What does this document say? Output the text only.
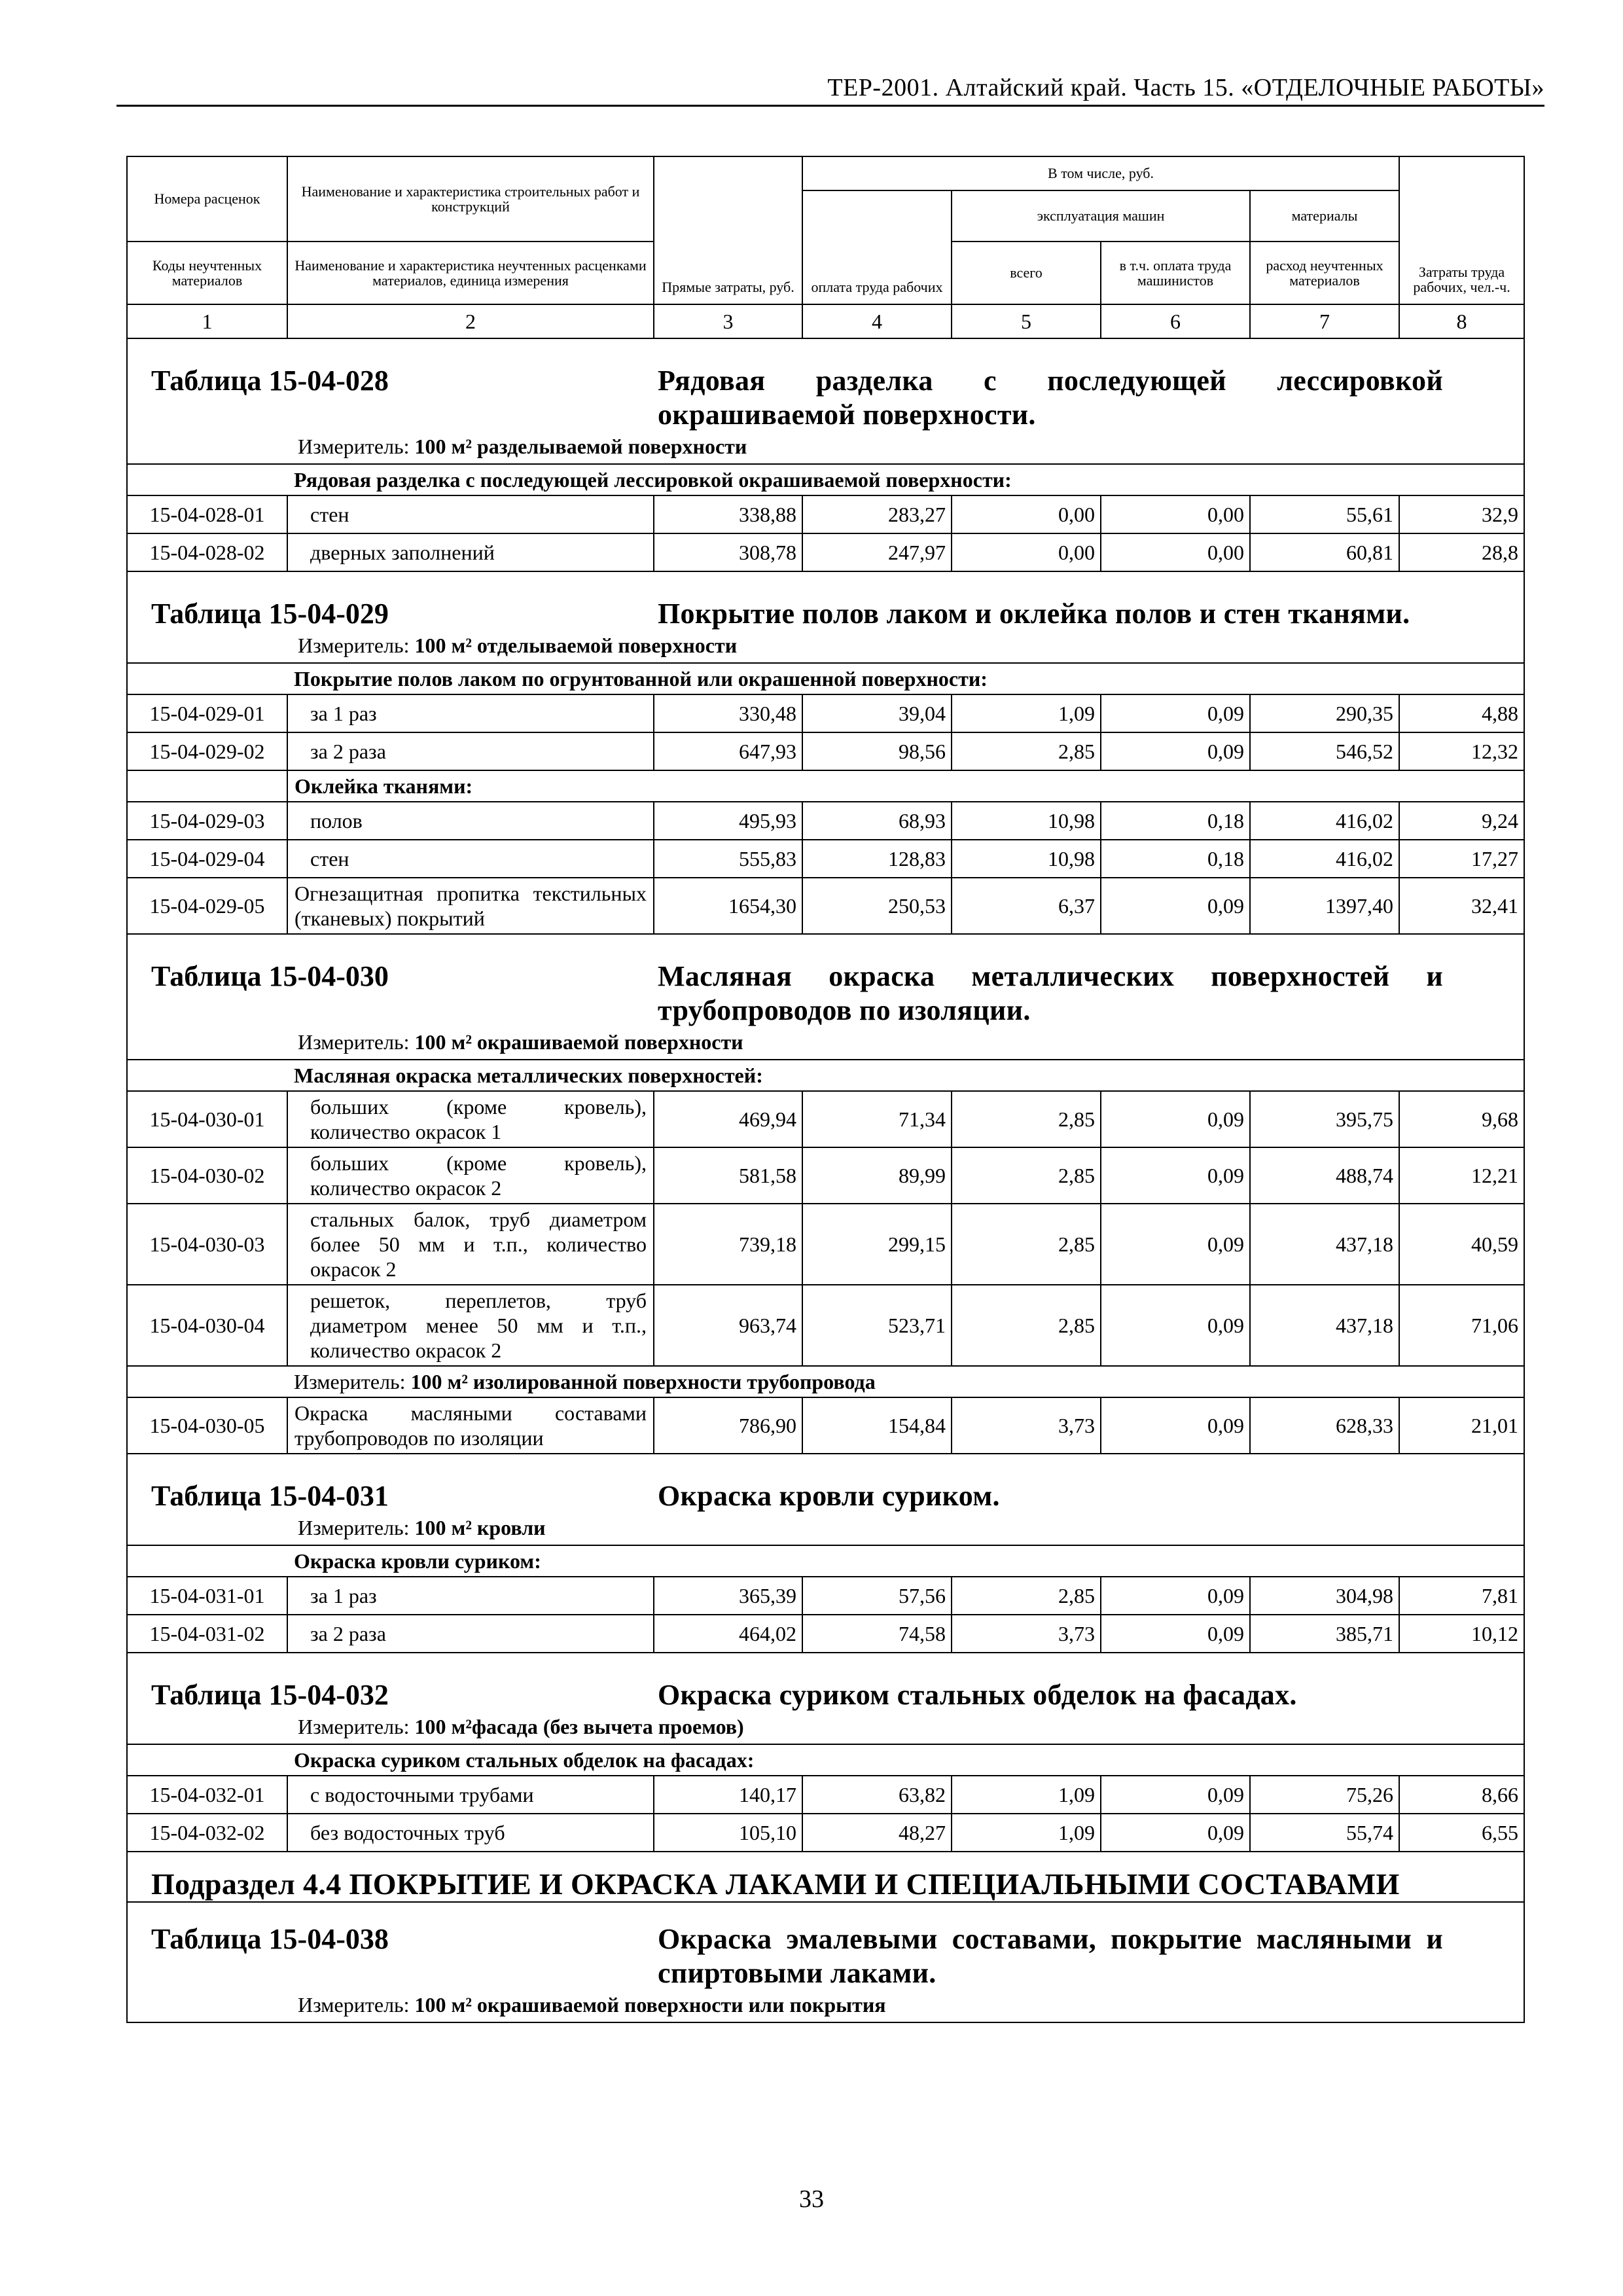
ТЕР-2001. Алтайский край. Часть 15. «ОТДЕЛОЧНЫЕ РАБОТЫ»
Номера расценок	Наименование и характеристика строительных работ и конструкций	Прямые затраты, руб.	В том числе, руб.				Затраты труда рабочих, чел.-ч.
			оплата труда рабочих	эксплуатация машин		материалы	
Коды неучтенных материалов	Наименование и характеристика неучтенных расценками материалов, единица измерения			всего	в т.ч. оплата труда машинистов	расход неучтенных материалов	
1	2	3	4	5	6	7	8

Таблица 15-04-028 Рядовая разделка с последующей лессировкой окрашиваемой поверхности.
Измеритель: 100 м² разделываемой поверхности							

	Рядовая разделка с последующей лессировкой окрашиваемой поверхности:						
15-04-028-01	стен	338,88	283,27	0,00	0,00	55,61	32,9
15-04-028-02	дверных заполнений	308,78	247,97	0,00	0,00	60,81	28,8

Таблица 15-04-029 Покрытие полов лаком и оклейка полов и стен тканями.
Измеритель: 100 м² отделываемой поверхности							

	Покрытие полов лаком по огрунтованной или окрашенной поверхности:						
15-04-029-01	за 1 раз	330,48	39,04	1,09	0,09	290,35	4,88
15-04-029-02	за 2 раза	647,93	98,56	2,85	0,09	546,52	12,32
	Оклейка тканями:						
15-04-029-03	полов	495,93	68,93	10,98	0,18	416,02	9,24
15-04-029-04	стен	555,83	128,83	10,98	0,18	416,02	17,27
15-04-029-05	Огнезащитная пропитка текстильных (тканевых) покрытий	1654,30	250,53	6,37	0,09	1397,40	32,41

Таблица 15-04-030 Масляная окраска металлических поверхностей и трубопроводов по изоляции.
Измеритель: 100 м² окрашиваемой поверхности							

	Масляная окраска металлических поверхностей:						
15-04-030-01	больших (кроме кровель), количество окрасок 1	469,94	71,34	2,85	0,09	395,75	9,68
15-04-030-02	больших (кроме кровель), количество окрасок 2	581,58	89,99	2,85	0,09	488,74	12,21
15-04-030-03	стальных балок, труб диаметром более 50 мм и т.п., количество окрасок 2	739,18	299,15	2,85	0,09	437,18	40,59
15-04-030-04	решеток, переплетов, труб диаметром менее 50 мм и т.п., количество окрасок 2	963,74	523,71	2,85	0,09	437,18	71,06
	Измеритель: 100 м² изолированной поверхности трубопровода						
15-04-030-05	Окраска масляными составами трубопроводов по изоляции	786,90	154,84	3,73	0,09	628,33	21,01

Таблица 15-04-031 Окраска кровли суриком.
Измеритель: 100 м² кровли							

	Окраска кровли суриком:						
15-04-031-01	за 1 раз	365,39	57,56	2,85	0,09	304,98	7,81
15-04-031-02	за 2 раза	464,02	74,58	3,73	0,09	385,71	10,12

Таблица 15-04-032 Окраска суриком стальных обделок на фасадах.
Измеритель: 100 м²фасада (без вычета проемов)							

	Окраска суриком стальных обделок на фасадах:						
15-04-032-01	с водосточными трубами	140,17	63,82	1,09	0,09	75,26	8,66
15-04-032-02	без водосточных труб	105,10	48,27	1,09	0,09	55,74	6,55

Подраздел 4.4 ПОКРЫТИЕ И ОКРАСКА ЛАКАМИ И СПЕЦИАЛЬНЫМИ СОСТАВАМИ							

Таблица 15-04-038 Окраска эмалевыми составами, покрытие масляными и спиртовыми лаками.
Измеритель: 100 м² окрашиваемой поверхности или покрытия							
33
